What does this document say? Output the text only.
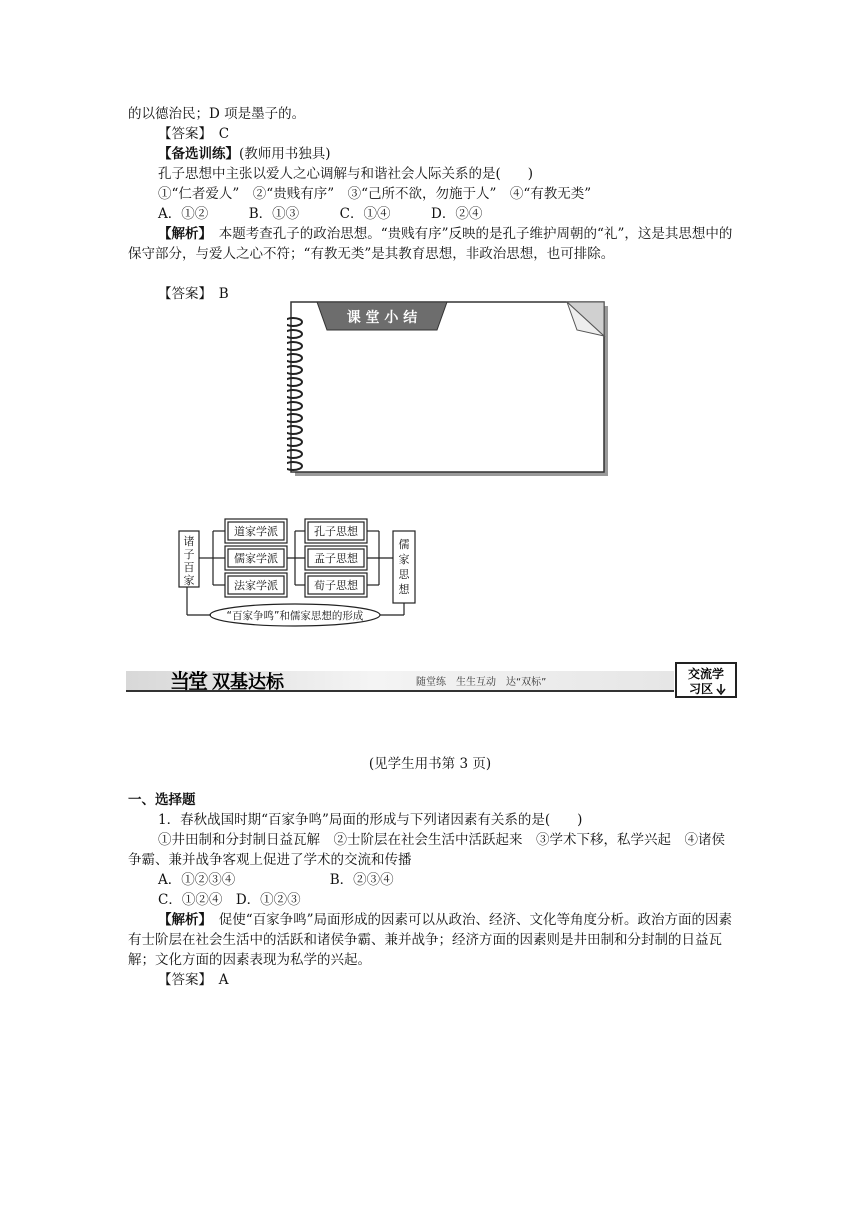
的以德治民；D 项是墨子的。
【答案】　C
【备选训练】(教师用书独具)
孔子思想中主张以爱人之心调解与和谐社会人际关系的是(　　)
①“仁者爱人”　②“贵贱有序”　③“己所不欲，勿施于人”　④“有教无类”
A．①②　　　B．①③　　　C．①④　　　D．②④
【解析】　本题考查孔子的政治思想。“贵贱有序”反映的是孔子维护周朝的“礼”，这是其思想中的保守部分，与爱人之心不符；“有教无类”是其教育思想，非政治思想，也可排除。
【答案】　B
课 堂 小 结
诸
子
百
家
儒
家
思
想
道家学派
儒家学派
法家学派
孔子思想
孟子思想
荀子思想
“百家争鸣”和儒家思想的形成
当
堂 双基达标	随堂练　生生互动　达“双标”
交流学
习区
(见学生用书第 3 页)
一、选择题
1．春秋战国时期“百家争鸣”局面的形成与下列诸因素有关系的是(　　)
①井田制和分封制日益瓦解　②士阶层在社会生活中活跃起来　③学术下移，私学兴起　④诸侯争霸、兼并战争客观上促进了学术的交流和传播
A．①②③④　　　　　　　B．②③④
C．①②④　D．①②③
【解析】　促使“百家争鸣”局面形成的因素可以从政治、经济、文化等角度分析。政治方面的因素有士阶层在社会生活中的活跃和诸侯争霸、兼并战争；经济方面的因素则是井田制和分封制的日益瓦解；文化方面的因素表现为私学的兴起。
【答案】　A
